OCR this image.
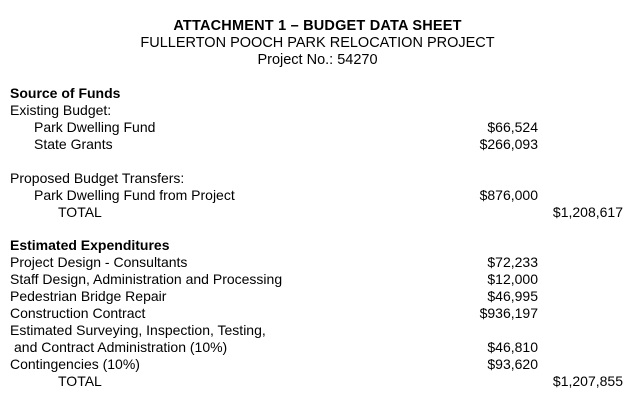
ATTACHMENT 1 – BUDGET DATA SHEET
FULLERTON POOCH PARK RELOCATION PROJECT
Project No.: 54270
Source of Funds
Existing Budget:
Park Dwelling Fund	$66,524
State Grants	$266,093
Proposed Budget Transfers:
Park Dwelling Fund from Project	$876,000
TOTAL	$1,208,617
Estimated Expenditures
Project Design - Consultants	$72,233
Staff Design, Administration and Processing	$12,000
Pedestrian Bridge Repair	$46,995
Construction Contract	$936,197
Estimated Surveying, Inspection, Testing,
and Contract Administration (10%)	$46,810
Contingencies (10%)	$93,620
TOTAL	$1,207,855
